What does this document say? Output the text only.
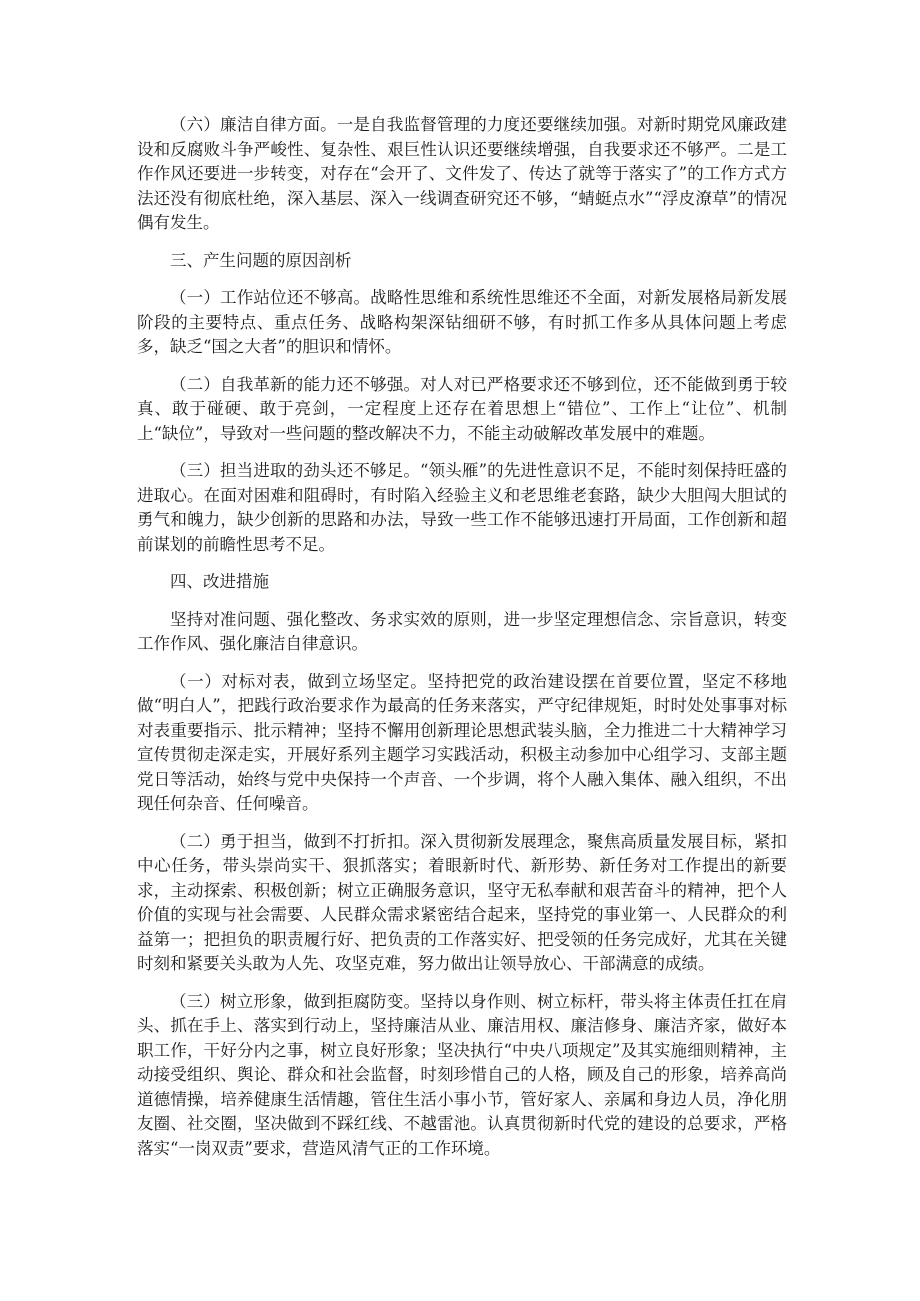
（六）廉洁自律方面。一是自我监督管理的力度还要继续加强。对新时期党风廉政建设和反腐败斗争严峻性、复杂性、艰巨性认识还要继续增强，自我要求还不够严。二是工作作风还要进一步转变，对存在“会开了、文件发了、传达了就等于落实了”的工作方式方法还没有彻底杜绝，深入基层、深入一线调查研究还不够，“蜻蜓点水”“浮皮潦草”的情况偶有发生。

三、产生问题的原因剖析

（一）工作站位还不够高。战略性思维和系统性思维还不全面，对新发展格局新发展阶段的主要特点、重点任务、战略构架深钻细研不够，有时抓工作多从具体问题上考虑多，缺乏“国之大者”的胆识和情怀。

（二）自我革新的能力还不够强。对人对已严格要求还不够到位，还不能做到勇于较真、敢于碰硬、敢于亮剑，一定程度上还存在着思想上“错位”、工作上“让位”、机制上“缺位”，导致对一些问题的整改解决不力，不能主动破解改革发展中的难题。

（三）担当进取的劲头还不够足。“领头雁”的先进性意识不足，不能时刻保持旺盛的进取心。在面对困难和阻碍时，有时陷入经验主义和老思维老套路，缺少大胆闯大胆试的勇气和魄力，缺少创新的思路和办法，导致一些工作不能够迅速打开局面，工作创新和超前谋划的前瞻性思考不足。

四、改进措施

坚持对准问题、强化整改、务求实效的原则，进一步坚定理想信念、宗旨意识，转变工作作风、强化廉洁自律意识。

（一）对标对表，做到立场坚定。坚持把党的政治建设摆在首要位置，坚定不移地做“明白人”，把践行政治要求作为最高的任务来落实，严守纪律规矩，时时处处事事对标对表重要指示、批示精神；坚持不懈用创新理论思想武装头脑，全力推进二十大精神学习宣传贯彻走深走实，开展好系列主题学习实践活动，积极主动参加中心组学习、支部主题党日等活动，始终与党中央保持一个声音、一个步调，将个人融入集体、融入组织，不出现任何杂音、任何噪音。

（二）勇于担当，做到不打折扣。深入贯彻新发展理念，聚焦高质量发展目标，紧扣中心任务，带头崇尚实干、狠抓落实；着眼新时代、新形势、新任务对工作提出的新要求，主动探索、积极创新；树立正确服务意识，坚守无私奉献和艰苦奋斗的精神，把个人价值的实现与社会需要、人民群众需求紧密结合起来，坚持党的事业第一、人民群众的利益第一；把担负的职责履行好、把负责的工作落实好、把受领的任务完成好，尤其在关键时刻和紧要关头敢为人先、攻坚克难，努力做出让领导放心、干部满意的成绩。

（三）树立形象，做到拒腐防变。坚持以身作则、树立标杆，带头将主体责任扛在肩头、抓在手上、落实到行动上，坚持廉洁从业、廉洁用权、廉洁修身、廉洁齐家，做好本职工作，干好分内之事，树立良好形象；坚决执行“中央八项规定”及其实施细则精神，主动接受组织、舆论、群众和社会监督，时刻珍惜自己的人格，顾及自己的形象，培养高尚道德情操，培养健康生活情趣，管住生活小事小节，管好家人、亲属和身边人员，净化朋友圈、社交圈，坚决做到不踩红线、不越雷池。认真贯彻新时代党的建设的总要求，严格落实“一岗双责”要求，营造风清气正的工作环境。
